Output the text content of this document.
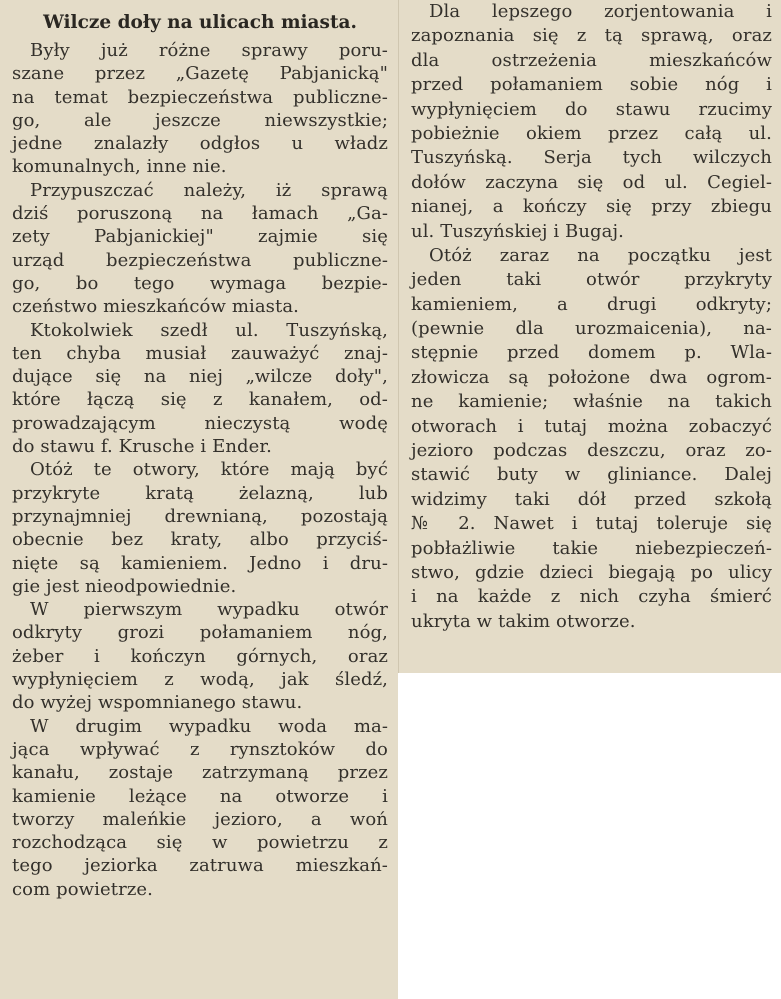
Wilcze doły na ulicach miasta.
Były już różne sprawy poru-
szane przez „Gazetę Pabjanicką"
na temat bezpieczeństwa publiczne-
go, ale jeszcze niewszystkie;
jedne znalazły odgłos u władz
komunalnych, inne nie.
Przypuszczać należy, iż sprawą
dziś poruszoną na łamach „Ga-
zety Pabjanickiej" zajmie się
urząd bezpieczeństwa publiczne-
go, bo tego wymaga bezpie-
czeństwo mieszkańców miasta.
Ktokolwiek szedł ul. Tuszyńską,
ten chyba musiał zauważyć znaj-
dujące się na niej „wilcze doły",
które łączą się z kanałem, od-
prowadzającym nieczystą wodę
do stawu f. Krusche i Ender.
Otóż te otwory, które mają być
przykryte kratą żelazną, lub
przynajmniej drewnianą, pozostają
obecnie bez kraty, albo przyciś-
nięte są kamieniem. Jedno i dru-
gie jest nieodpowiednie.
W pierwszym wypadku otwór
odkryty grozi połamaniem nóg,
żeber i kończyn górnych, oraz
wypłynięciem z wodą, jak śledź,
do wyżej wspomnianego stawu.
W drugim wypadku woda ma-
jąca wpływać z rynsztoków do
kanału, zostaje zatrzymaną przez
kamienie leżące na otworze i
tworzy maleńkie jezioro, a woń
rozchodząca się w powietrzu z
tego jeziorka zatruwa mieszkań-
com powietrze.
Dla lepszego zorjentowania i
zapoznania się z tą sprawą, oraz
dla ostrzeżenia mieszkańców
przed połamaniem sobie nóg i
wypłynięciem do stawu rzucimy
pobieżnie okiem przez całą ul.
Tuszyńską. Serja tych wilczych
dołów zaczyna się od ul. Cegiel-
nianej, a kończy się przy zbiegu
ul. Tuszyńskiej i Bugaj.
Otóż zaraz na początku jest
jeden taki otwór przykryty
kamieniem, a drugi odkryty;
(pewnie dla urozmaicenia), na-
stępnie przed domem p. Wla-
złowicza są położone dwa ogrom-
ne kamienie; właśnie na takich
otworach i tutaj można zobaczyć
jezioro podczas deszczu, oraz zo-
stawić buty w gliniance. Dalej
widzimy taki dół przed szkołą
№ 2. Nawet i tutaj toleruje się
pobłażliwie takie niebezpieczeń-
stwo, gdzie dzieci biegają po ulicy
i na każde z nich czyha śmierć
ukryta w takim otworze.
